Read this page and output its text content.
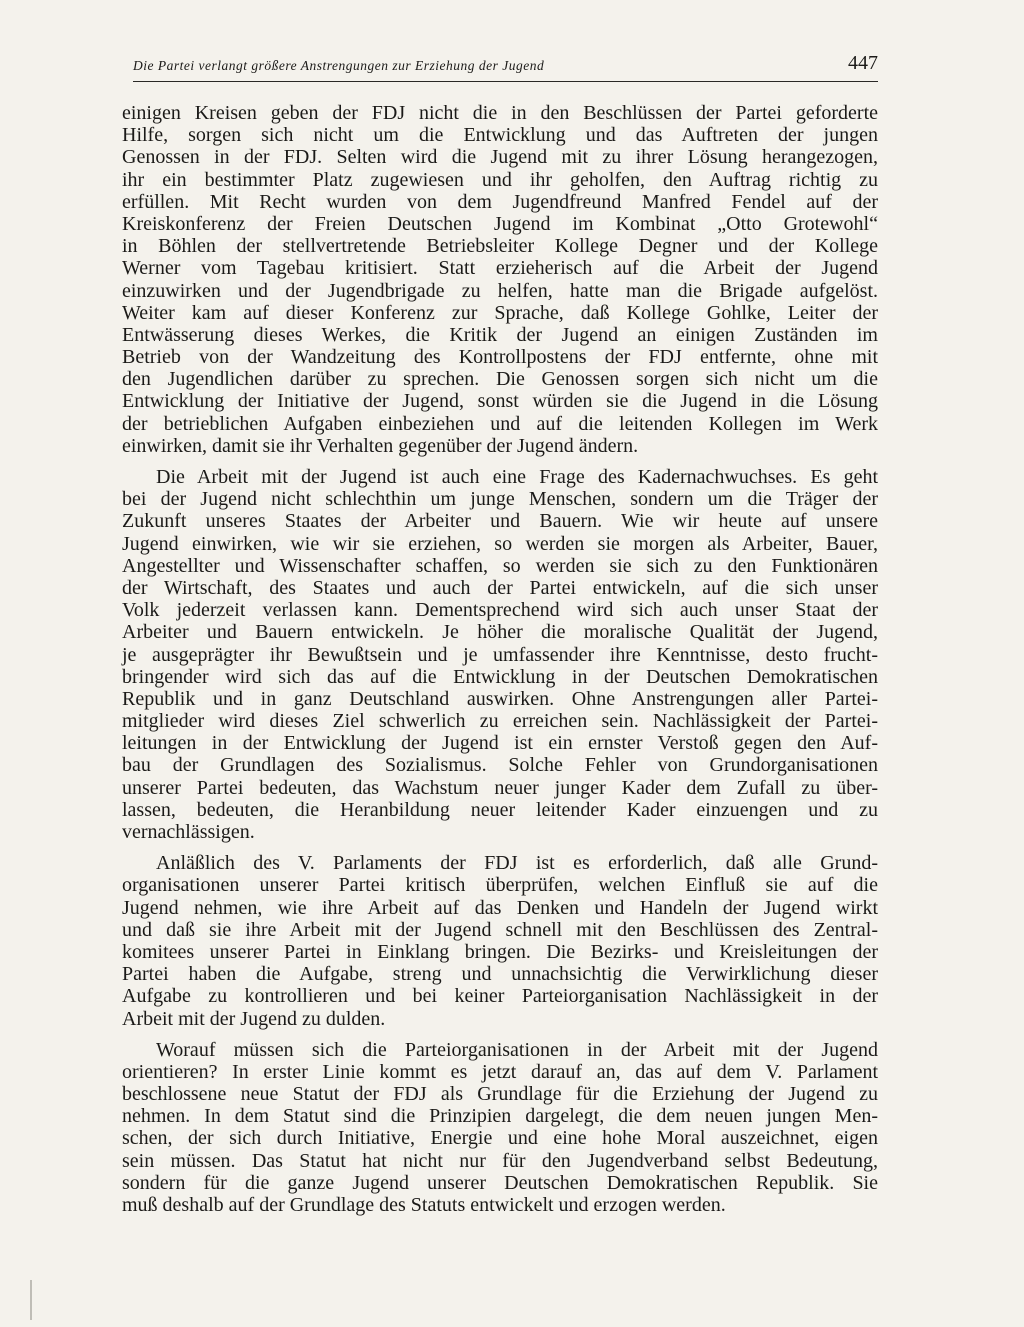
Die Partei verlangt größere Anstrengungen zur Erziehung der Jugend	447
einigen Kreisen geben der FDJ nicht die in den Beschlüssen der Partei geforderte
Hilfe, sorgen sich nicht um die Entwicklung und das Auftreten der jungen
Genossen in der FDJ. Selten wird die Jugend mit zu ihrer Lösung herangezogen,
ihr ein bestimmter Platz zugewiesen und ihr geholfen, den Auftrag richtig zu
erfüllen. Mit Recht wurden von dem Jugendfreund Manfred Fendel auf der
Kreiskonferenz der Freien Deutschen Jugend im Kombinat „Otto Grotewohl“
in Böhlen der stellvertretende Betriebsleiter Kollege Degner und der Kollege
Werner vom Tagebau kritisiert. Statt erzieherisch auf die Arbeit der Jugend
einzuwirken und der Jugendbrigade zu helfen, hatte man die Brigade aufgelöst.
Weiter kam auf dieser Konferenz zur Sprache, daß Kollege Gohlke, Leiter der
Entwässerung dieses Werkes, die Kritik der Jugend an einigen Zuständen im
Betrieb von der Wandzeitung des Kontrollpostens der FDJ entfernte, ohne mit
den Jugendlichen darüber zu sprechen. Die Genossen sorgen sich nicht um die
Entwicklung der Initiative der Jugend, sonst würden sie die Jugend in die Lösung
der betrieblichen Aufgaben einbeziehen und auf die leitenden Kollegen im Werk
einwirken, damit sie ihr Verhalten gegenüber der Jugend ändern.
Die Arbeit mit der Jugend ist auch eine Frage des Kadernachwuchses. Es geht
bei der Jugend nicht schlechthin um junge Menschen, sondern um die Träger der
Zukunft unseres Staates der Arbeiter und Bauern. Wie wir heute auf unsere
Jugend einwirken, wie wir sie erziehen, so werden sie morgen als Arbeiter, Bauer,
Angestellter und Wissenschafter schaffen, so werden sie sich zu den Funktionären
der Wirtschaft, des Staates und auch der Partei entwickeln, auf die sich unser
Volk jederzeit verlassen kann. Dementsprechend wird sich auch unser Staat der
Arbeiter und Bauern entwickeln. Je höher die moralische Qualität der Jugend,
je ausgeprägter ihr Bewußtsein und je umfassender ihre Kenntnisse, desto frucht-
bringender wird sich das auf die Entwicklung in der Deutschen Demokratischen
Republik und in ganz Deutschland auswirken. Ohne Anstrengungen aller Partei-
mitglieder wird dieses Ziel schwerlich zu erreichen sein. Nachlässigkeit der Partei-
leitungen in der Entwicklung der Jugend ist ein ernster Verstoß gegen den Auf-
bau der Grundlagen des Sozialismus. Solche Fehler von Grundorganisationen
unserer Partei bedeuten, das Wachstum neuer junger Kader dem Zufall zu über-
lassen, bedeuten, die Heranbildung neuer leitender Kader einzuengen und zu
vernachlässigen.
Anläßlich des V. Parlaments der FDJ ist es erforderlich, daß alle Grund-
organisationen unserer Partei kritisch überprüfen, welchen Einfluß sie auf die
Jugend nehmen, wie ihre Arbeit auf das Denken und Handeln der Jugend wirkt
und daß sie ihre Arbeit mit der Jugend schnell mit den Beschlüssen des Zentral-
komitees unserer Partei in Einklang bringen. Die Bezirks- und Kreisleitungen der
Partei haben die Aufgabe, streng und unnachsichtig die Verwirklichung dieser
Aufgabe zu kontrollieren und bei keiner Parteiorganisation Nachlässigkeit in der
Arbeit mit der Jugend zu dulden.
Worauf müssen sich die Parteiorganisationen in der Arbeit mit der Jugend
orientieren? In erster Linie kommt es jetzt darauf an, das auf dem V. Parlament
beschlossene neue Statut der FDJ als Grundlage für die Erziehung der Jugend zu
nehmen. In dem Statut sind die Prinzipien dargelegt, die dem neuen jungen Men-
schen, der sich durch Initiative, Energie und eine hohe Moral auszeichnet, eigen
sein müssen. Das Statut hat nicht nur für den Jugendverband selbst Bedeutung,
sondern für die ganze Jugend unserer Deutschen Demokratischen Republik. Sie
muß deshalb auf der Grundlage des Statuts entwickelt und erzogen werden.
